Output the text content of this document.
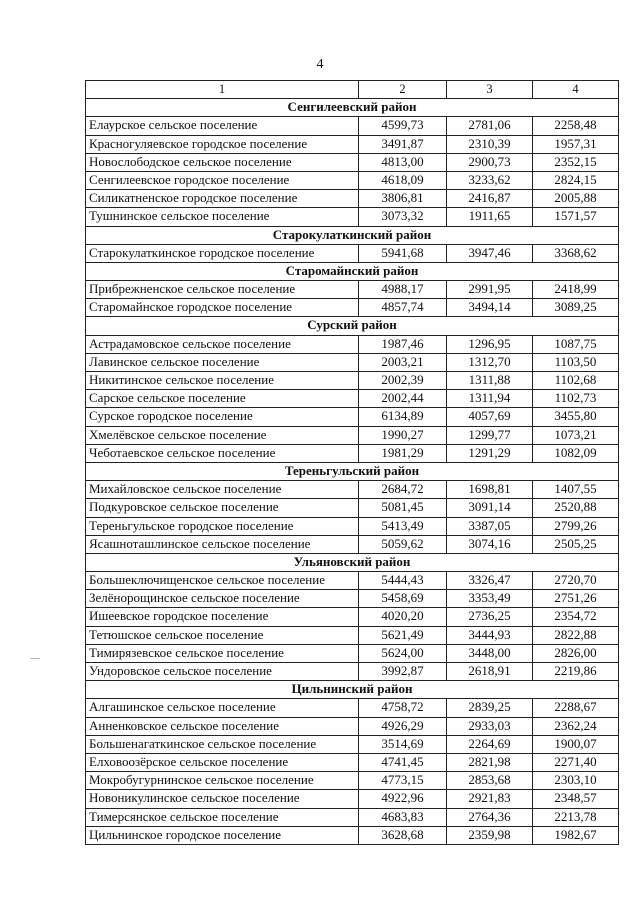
4
1	2	3	4
Сенгилеевский район			
Елаурское сельское поселение	4599,73	2781,06	2258,48
Красногуляевское городское поселение	3491,87	2310,39	1957,31
Новослободское сельское поселение	4813,00	2900,73	2352,15
Сенгилеевское городское поселение	4618,09	3233,62	2824,15
Силикатненское городское поселение	3806,81	2416,87	2005,88
Тушнинское сельское поселение	3073,32	1911,65	1571,57
Старокулаткинский район			
Старокулаткинское городское поселение	5941,68	3947,46	3368,62
Старомайнский район			
Прибрежненское сельское поселение	4988,17	2991,95	2418,99
Старомайнское городское поселение	4857,74	3494,14	3089,25
Сурский район			
Астрадамовское сельское поселение	1987,46	1296,95	1087,75
Лавинское сельское поселение	2003,21	1312,70	1103,50
Никитинское сельское поселение	2002,39	1311,88	1102,68
Сарское сельское поселение	2002,44	1311,94	1102,73
Сурское городское поселение	6134,89	4057,69	3455,80
Хмелёвское сельское поселение	1990,27	1299,77	1073,21
Чеботаевское сельское поселение	1981,29	1291,29	1082,09
Тереньгульский район			
Михайловское сельское поселение	2684,72	1698,81	1407,55
Подкуровское сельское поселение	5081,45	3091,14	2520,88
Тереньгульское городское поселение	5413,49	3387,05	2799,26
Ясашноташлинское сельское поселение	5059,62	3074,16	2505,25
Ульяновский район			
Большеключищенское сельское поселение	5444,43	3326,47	2720,70
Зелёнорощинское сельское поселение	5458,69	3353,49	2751,26
Ишеевское городское поселение	4020,20	2736,25	2354,72
Тетюшское сельское поселение	5621,49	3444,93	2822,88
Тимирязевское сельское поселение	5624,00	3448,00	2826,00
Ундоровское сельское поселение	3992,87	2618,91	2219,86
Цильнинский район			
Алгашинское сельское поселение	4758,72	2839,25	2288,67
Анненковское сельское поселение	4926,29	2933,03	2362,24
Большенагаткинское сельское поселение	3514,69	2264,69	1900,07
Елховоозёрское сельское поселение	4741,45	2821,98	2271,40
Мокробугурнинское сельское поселение	4773,15	2853,68	2303,10
Новоникулинское сельское поселение	4922,96	2921,83	2348,57
Тимерсянское сельское поселение	4683,83	2764,36	2213,78
Цильнинское городское поселение	3628,68	2359,98	1982,67
